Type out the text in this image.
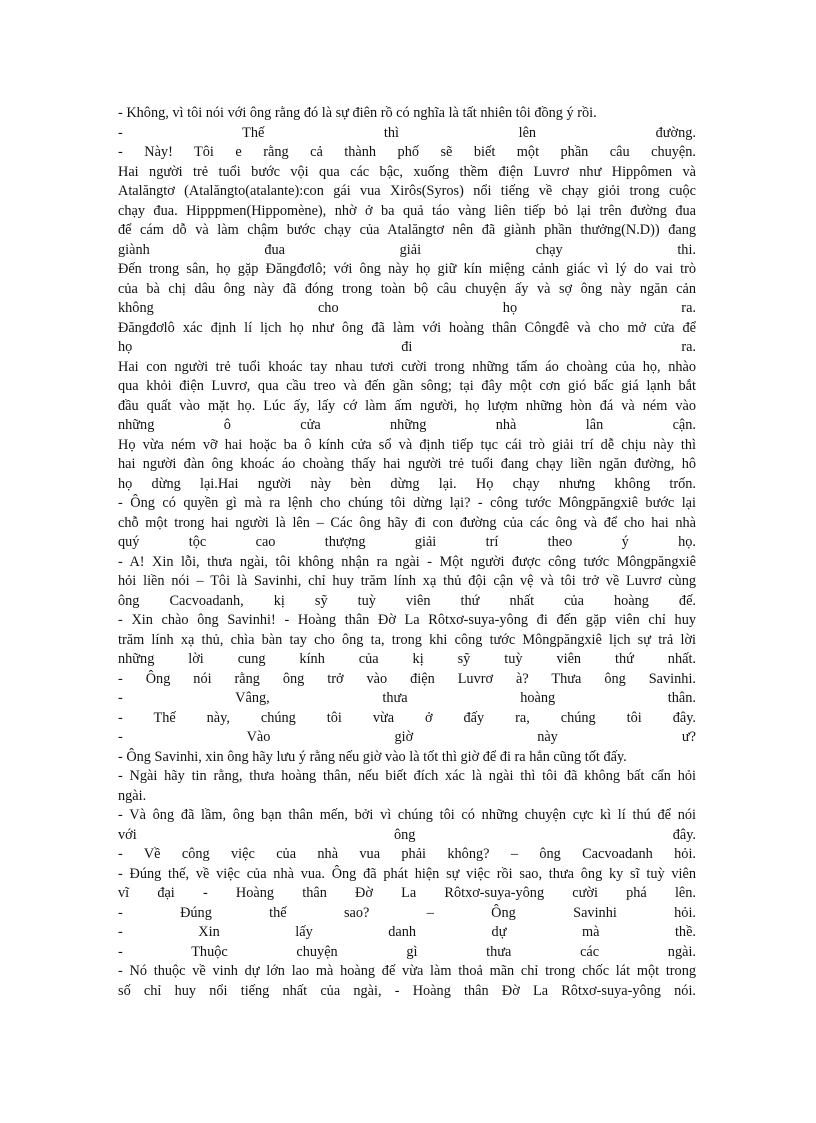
- Không, vì tôi nói với ông rằng đó là sự điên rồ có nghĩa là tất nhiên tôi đồng ý rồi.
- Thế thì lên đường.
- Này! Tôi e rằng cả thành phố sẽ biết một phần câu chuyện.
Hai người trẻ tuổi bước vội qua các bậc, xuống thềm điện Luvrơ như Hippômen và
Atalăngtơ (Atalăngto(atalante):con gái vua Xirôs(Syros) nổi tiếng về chạy giỏi trong cuộc
chạy đua. Hipppmen(Hippomène), nhờ ở ba quả táo vàng liên tiếp bỏ lại trên đường đua
để cám dỗ và làm chậm bước chạy của Atalăngtơ nên đã giành phần thưởng(N.D)) đang
giành đua giải chạy thi.
Đến trong sân, họ gặp Đăngđơlô; với ông này họ giữ kín miệng cảnh giác vì lý do vai trò
của bà chị dâu ông này đã đóng trong toàn bộ câu chuyện ấy và sợ ông này ngăn cản
không cho họ ra.
Đăngđơlô xác định lí lịch họ như ông đã làm với hoàng thân Côngđê và cho mở cửa để
họ đi ra.
Hai con người trẻ tuổi khoác tay nhau tươi cười trong những tấm áo choàng của họ, nhào
qua khỏi điện Luvrơ, qua cầu treo và đến gần sông; tại đây một cơn gió bấc giá lạnh bắt
đầu quất vào mặt họ. Lúc ấy, lấy cớ làm ấm người, họ lượm những hòn đá và ném vào
những ô cửa những nhà lân cận.
Họ vừa ném vỡ hai hoặc ba ô kính cửa sổ và định tiếp tục cái trò giải trí dễ chịu này thì
hai người đàn ông khoác áo choàng thấy hai người trẻ tuổi đang chạy liền ngăn đường, hô
họ dừng lại.Hai người này bèn dừng lại. Họ chạy nhưng không trốn.
- Ông có quyền gì mà ra lệnh cho chúng tôi dừng lại? - công tước Môngpăngxiê bước lại
chỗ một trong hai người là lên – Các ông hãy đi con đường của các ông và để cho hai nhà
quý tộc cao thượng giải trí theo ý họ.
- A! Xin lỗi, thưa ngài, tôi không nhận ra ngài - Một người được công tước Môngpăngxiê
hỏi liền nói – Tôi là Savinhi, chỉ huy trăm lính xạ thủ đội cận vệ và tôi trở về Luvrơ cùng
ông Cacvoadanh, kị sỹ tuỳ viên thứ nhất của hoàng đế.
- Xin chào ông Savinhi! - Hoàng thân Đờ La Rôtxơ-suya-yông đi đến gặp viên chỉ huy
trăm lính xạ thủ, chìa bàn tay cho ông ta, trong khi công tước Môngpăngxiê lịch sự trả lời
những lời cung kính của kị sỹ tuỳ viên thứ nhất.
- Ông nói rằng ông trở vào điện Luvrơ à? Thưa ông Savinhi.
- Vâng, thưa hoàng thân.
- Thế này, chúng tôi vừa ở đấy ra, chúng tôi đây.
- Vào giờ này ư?
- Ông Savinhi, xin ông hãy lưu ý rằng nếu giờ vào là tốt thì giờ để đi ra hẳn cũng tốt đấy.
- Ngài hãy tin rằng, thưa hoàng thân, nếu biết đích xác là ngài thì tôi đã không bất cẩn hỏi
ngài.
- Và ông đã lầm, ông bạn thân mến, bởi vì chúng tôi có những chuyện cực kì lí thú để nói
với ông đây.
- Về công việc của nhà vua phải không? – ông Cacvoadanh hỏi.
- Đúng thế, về việc của nhà vua. Ông đã phát hiện sự việc rồi sao, thưa ông ky sĩ tuỳ viên
vĩ đại - Hoàng thân Đờ La Rôtxơ-suya-yông cười phá lên.
- Đúng thế sao? – Ông Savinhi hỏi.
- Xin lấy danh dự mà thề.
- Thuộc chuyện gì thưa các ngài.
- Nó thuộc về vinh dự lớn lao mà hoàng đế vừa làm thoả mãn chỉ trong chốc lát một trong
số chỉ huy nổi tiếng nhất của ngài, - Hoàng thân Đờ La Rôtxơ-suya-yông nói.
